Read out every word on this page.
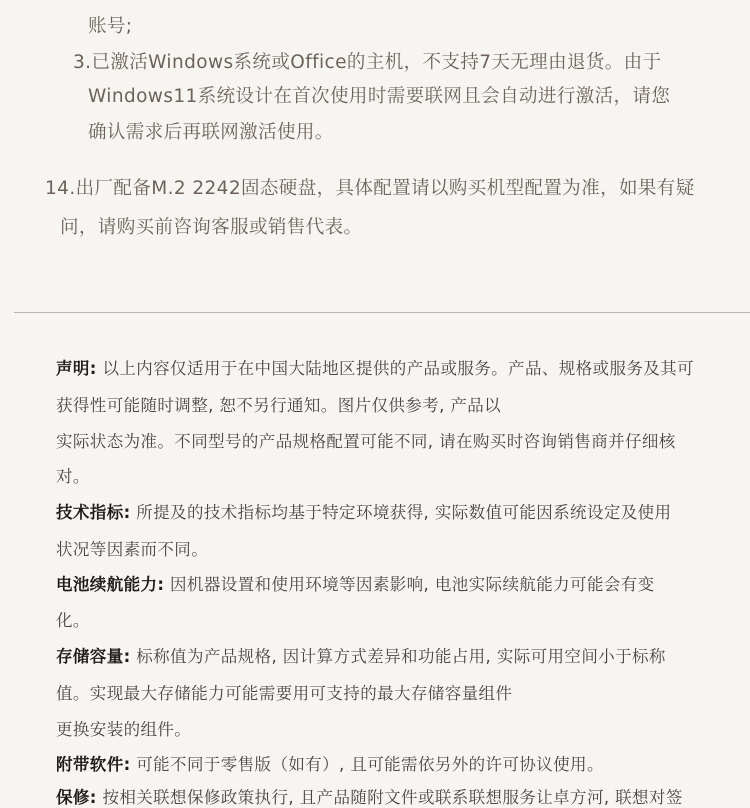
账号;
3.已激活Windows系统或Office的主机，不支持7天无理由退货。由于
Windows11系统设计在首次使用时需要联网且会自动进行激活，请您
确认需求后再联网激活使用。
14.出厂配备M.2 2242固态硬盘，具体配置请以购买机型配置为准，如果有疑
问，请购买前咨询客服或销售代表。
声明: 以上内容仅适用于在中国大陆地区提供的产品或服务。产品、规格或服务及其可
获得性可能随时调整, 恕不另行通知。图片仅供参考, 产品以
实际状态为准。不同型号的产品规格配置可能不同, 请在购买时咨询销售商并仔细核
对。
技术指标: 所提及的技术指标均基于特定环境获得, 实际数值可能因系统设定及使用
状况等因素而不同。
电池续航能力: 因机器设置和使用环境等因素影响, 电池实际续航能力可能会有变
化。
存储容量: 标称值为产品规格, 因计算方式差异和功能占用, 实际可用空间小于标称
值。实现最大存储能力可能需要用可支持的最大存储容量组件
更换安装的组件。
附带软件: 可能不同于零售版（如有）, 且可能需依另外的许可协议使用。
保修: 按相关联想保修政策执行, 且产品随附文件或联系联想服务让卓方河, 联想对签
